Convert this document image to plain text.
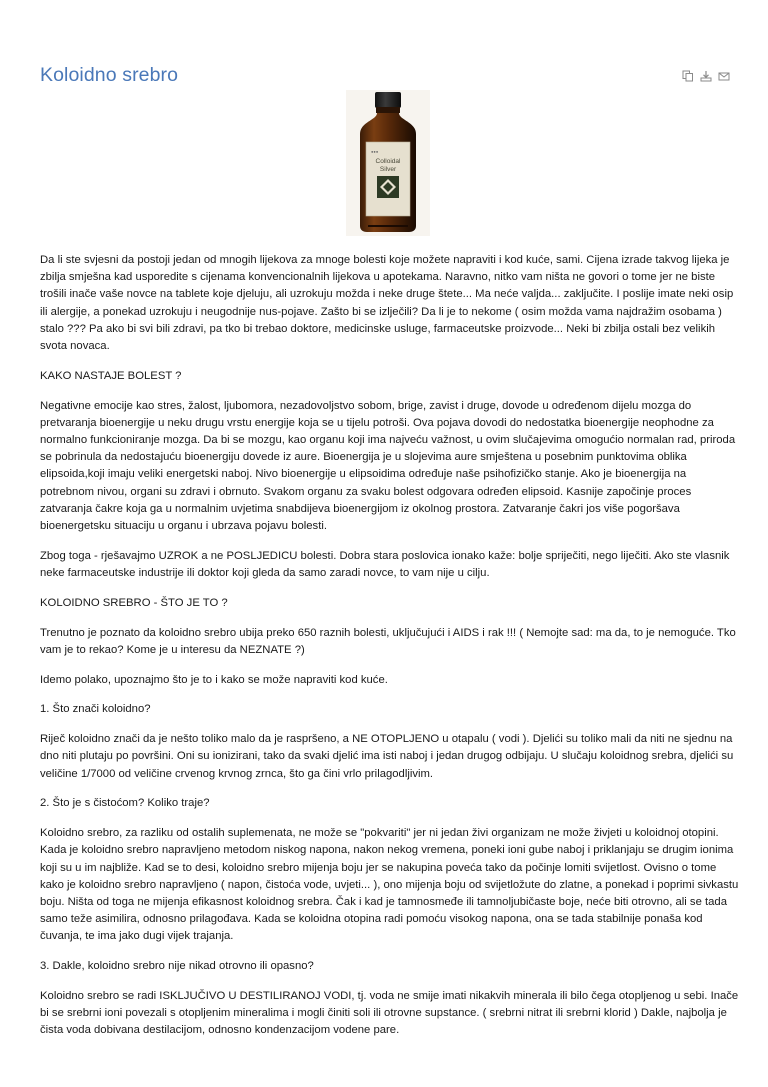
Koloidno srebro
●●●
Colloidal
Silver

Da li ste svjesni da postoji jedan od mnogih lijekova za mnoge bolesti koje možete napraviti i kod kuće, sami. Cijena izrade takvog lijeka je zbilja smješna kad usporedite s cijenama konvencionalnih lijekova u apotekama. Naravno, nitko vam ništa ne govori o tome jer ne biste trošili inače vaše novce na tablete koje djeluju, ali uzrokuju možda i neke druge štete... Ma neće valjda... zaključite. I poslije imate neki osip ili alergije, a ponekad uzrokuju i neugodnije nus-pojave. Zašto bi se izlječili? Da li je to nekome ( osim možda vama najdražim osobama ) stalo ??? Pa ako bi svi bili zdravi, pa tko bi trebao doktore, medicinske usluge, farmaceutske proizvode... Neki bi zbilja ostali bez velikih svota novaca.

KAKO NASTAJE BOLEST ?

Negativne emocije kao stres, žalost, ljubomora, nezadovoljstvo sobom, brige, zavist i druge, dovode u određenom dijelu mozga do pretvaranja bioenergije u neku drugu vrstu energije koja se u tijelu potroši. Ova pojava dovodi do nedostatka bioenergije neophodne za normalno funkcioniranje mozga. Da bi se mozgu, kao organu koji ima najveću važnost, u ovim slučajevima omogućio normalan rad, priroda se pobrinula da nedostajuću bioenergiju dovede iz aure. Bioenergija je u slojevima aure smještena u posebnim punktovima oblika elipsoida,koji imaju veliki energetski naboj. Nivo bioenergije u elipsoidima određuje naše psihofizičko stanje. Ako je bioenergija na potrebnom nivou, organi su zdravi i obrnuto. Svakom organu za svaku bolest odgovara određen elipsoid. Kasnije započinje proces zatvaranja čakre koja ga u normalnim uvjetima snabdijeva bioenergijom iz okolnog prostora. Zatvaranje čakri jos više pogoršava bioenergetsku situaciju u organu i ubrzava pojavu bolesti.

Zbog toga - rješavajmo UZROK a ne POSLJEDICU bolesti. Dobra stara poslovica ionako kaže: bolje spriječiti, nego liječiti. Ako ste vlasnik neke farmaceutske industrije ili doktor koji gleda da samo zaradi novce, to vam nije u cilju.

KOLOIDNO SREBRO - ŠTO JE TO ?

Trenutno je poznato da koloidno srebro ubija preko 650 raznih bolesti, uključujući i AIDS i rak !!! ( Nemojte sad: ma da, to je nemoguće. Tko vam je to rekao? Kome je u interesu da NEZNATE ?)

Idemo polako, upoznajmo što je to i kako se može napraviti kod kuće.

1. Što znači koloidno?

Riječ koloidno znači da je nešto toliko malo da je raspršeno, a NE OTOPLJENO u otapalu ( vodi ). Djelići su toliko mali da niti ne sjednu na dno niti plutaju po površini. Oni su ionizirani, tako da svaki djelić ima isti naboj i jedan drugog odbijaju. U slučaju koloidnog srebra, djelići su veličine 1/7000 od veličine crvenog krvnog zrnca, što ga čini vrlo prilagodljivim.

2. Što je s čistoćom? Koliko traje?

Koloidno srebro, za razliku od ostalih suplemenata, ne može se "pokvariti" jer ni jedan živi organizam ne može živjeti u koloidnoj otopini. Kada je koloidno srebro napravljeno metodom niskog napona, nakon nekog vremena, poneki ioni gube naboj i priklanjaju se drugim ionima koji su u im najbliže. Kad se to desi, koloidno srebro mijenja boju jer se nakupina poveća tako da počinje lomiti svijetlost. Ovisno o tome kako je koloidno srebro napravljeno ( napon, čistoća vode, uvjeti... ), ono mijenja boju od svijetložute do zlatne, a ponekad i poprimi sivkastu boju. Ništa od toga ne mijenja efikasnost koloidnog srebra. Čak i kad je tamnosmeđe ili tamnoljubičaste boje, neće biti otrovno, ali se tada samo teže asimilira, odnosno prilagođava. Kada se koloidna otopina radi pomoću visokog napona, ona se tada stabilnije ponaša kod čuvanja, te ima jako dugi vijek trajanja.

3. Dakle, koloidno srebro nije nikad otrovno ili opasno?

Koloidno srebro se radi ISKLJUČIVO U DESTILIRANOJ VODI, tj. voda ne smije imati nikakvih minerala ili bilo čega otopljenog u sebi. Inače bi se srebrni ioni povezali s otopljenim mineralima i mogli činiti soli ili otrovne supstance. ( srebrni nitrat ili srebrni klorid ) Dakle, najbolja je čista voda dobivana destilacijom, odnosno kondenzacijom vodene pare.
